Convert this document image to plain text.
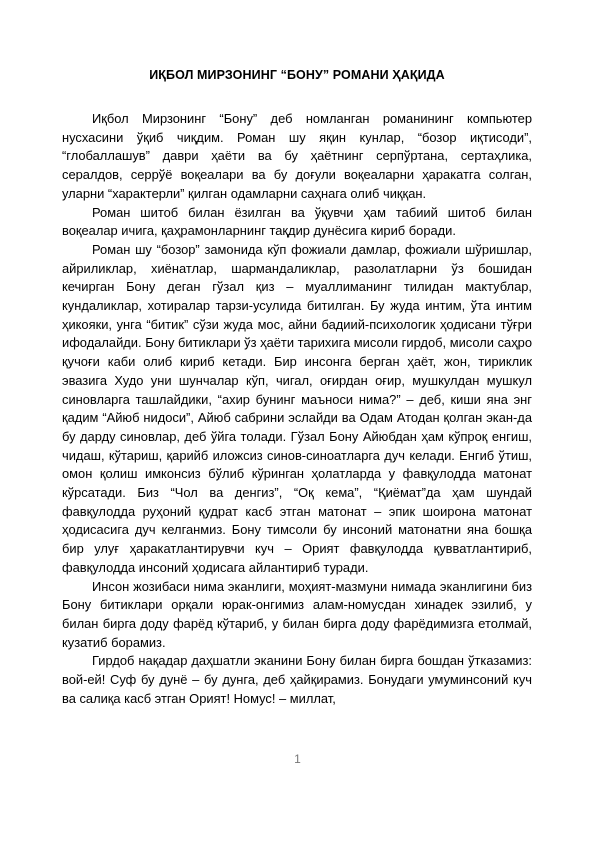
ИҚБОЛ МИРЗОНИНГ “БОНУ” РОМАНИ ҲАҚИДА

Иқбол Мирзонинг “Бону” деб номланган романининг компьютер нусхасини ўқиб чиқдим. Роман шу яқин кунлар, “бозор иқтисоди”, “глобаллашув” даври ҳаёти ва бу ҳаётнинг серпўртана, сертаҳлика, сералдов, серрўё воқеалари ва бу доғули воқеаларни ҳаракатга солган, уларни “характерли” қилган одамларни саҳнага олиб чиққан.

Роман шитоб билан ёзилган ва ўқувчи ҳам табиий шитоб билан воқеалар ичига, қаҳрамонларнинг тақдир дунёсига кириб боради.

Роман шу “бозор” замонида кўп фожиали дамлар, фожиали шўришлар, айриликлар, хиёнатлар, шармандаликлар, разолатларни ўз бошидан кечирган Бону деган гўзал қиз – муаллиманинг тилидан мактублар, кундаликлар, хотиралар тарзи-усулида битилган. Бу жуда интим, ўта интим ҳикояки, унга “битик” сўзи жуда мос, айни бадиий-психологик ҳодисани тўғри ифодалайди. Бону битиклари ўз ҳаёти тарихига мисоли гирдоб, мисоли саҳро қучоғи каби олиб кириб кетади. Бир инсонга берган ҳаёт, жон, тириклик эвазига Худо уни шунчалар кўп, чигал, оғирдан оғир, мушкулдан мушкул синовларга ташлайдики, “ахир бунинг маъноси нима?” – деб, киши яна энг қадим “Айюб нидоси”, Айюб сабрини эслайди ва Одам Атодан қолган экан-да бу дарду синовлар, деб ўйга толади. Гўзал Бону Айюбдан ҳам кўпроқ енгиш, чидаш, кўтариш, қарийб иложсиз синов-синоатларга дуч келади. Енгиб ўтиш, омон қолиш имконсиз бўлиб кўринган ҳолатларда у фавқулодда матонат кўрсатади. Биз “Чол ва денгиз”, “Оқ кема”, “Қиёмат”да ҳам шундай фавқулодда руҳоний қудрат касб этган матонат – эпик шоирона матонат ҳодисасига дуч келганмиз. Бону тимсоли бу инсоний матонатни яна бошқа бир улуғ ҳаракатлантирувчи куч – Орият фавқулодда қувватлантириб, фавқулодда инсоний ҳодисага айлантириб туради.

Инсон жозибаси нима эканлиги, моҳият-мазмуни нимада эканлигини биз Бону битиклари орқали юрак-онгимиз алам-номусдан хинадек эзилиб, у билан бирга доду фарёд кўтариб, у билан бирга доду фарёдимизга етолмай, кузатиб борамиз.

Гирдоб нақадар даҳшатли эканини Бону билан бирга бошдан ўтказамиз: вой-ей! Суф бу дунё – бу дунга, деб ҳайқирамиз. Бонудаги умуминсоний куч ва салиқа касб этган Орият! Номус! – миллат,

1
